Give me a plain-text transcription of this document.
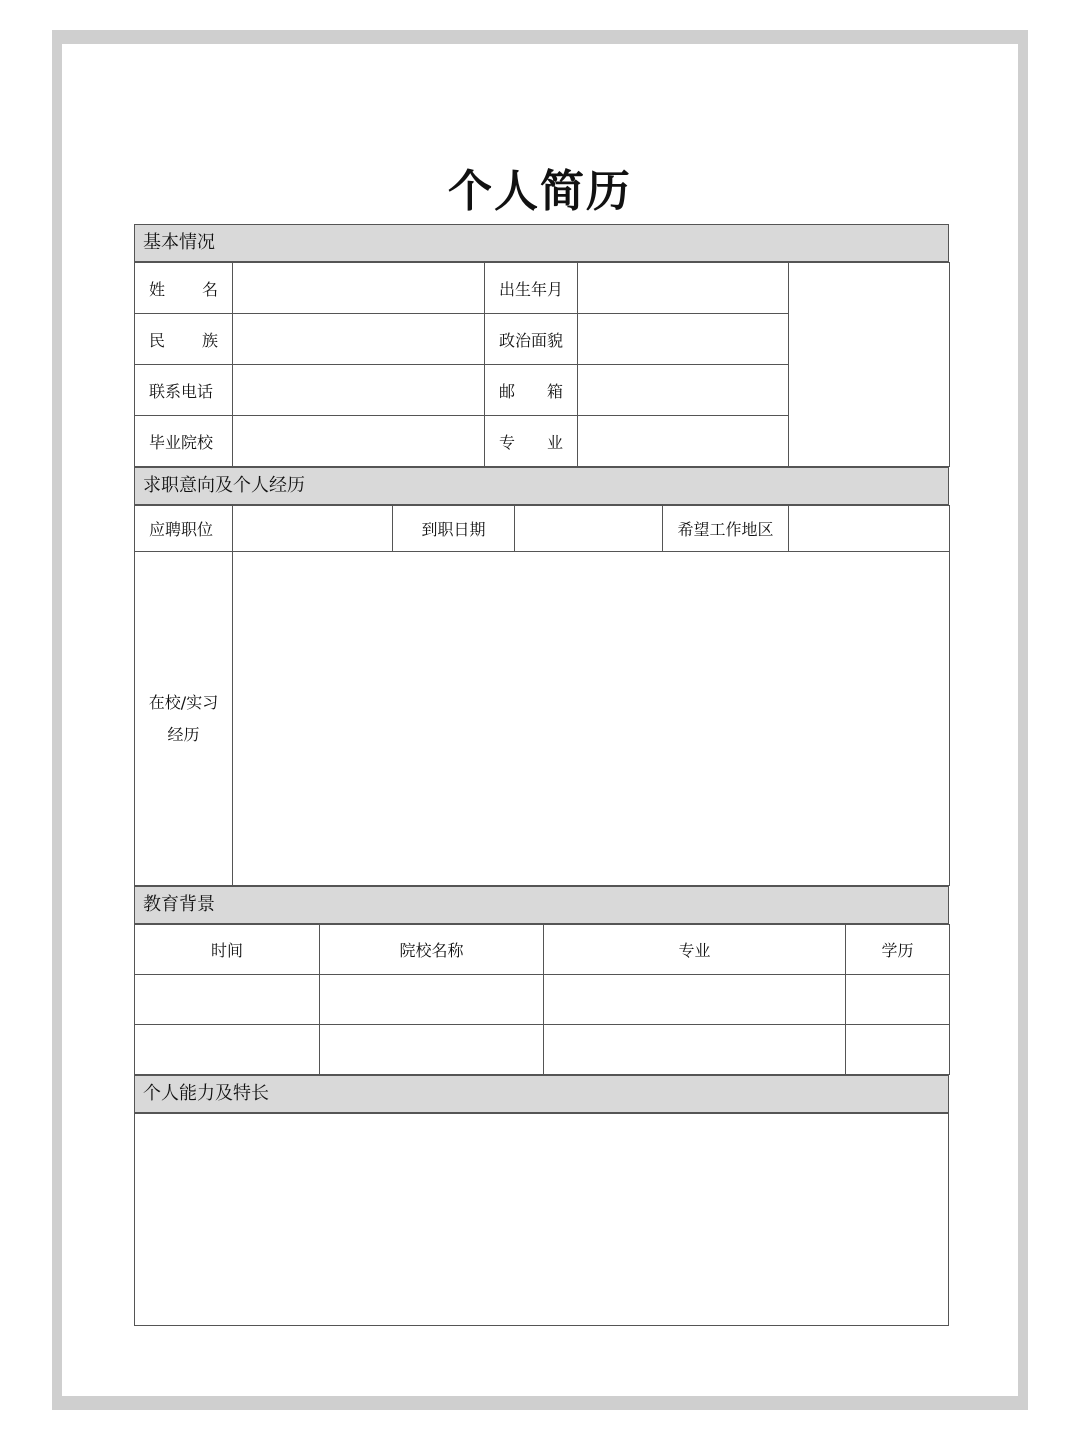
个人简历
基本情况
姓 名		出生年月		

民 族		政治面貌		
联系电话		邮 箱		

毕业院校		专 业		

求职意向及个人经历
应聘职位		到职日期		希望工作地区	

在校/实习
经历					

教育背景
时间	院校名称	专业	学历

个人能力及特长
